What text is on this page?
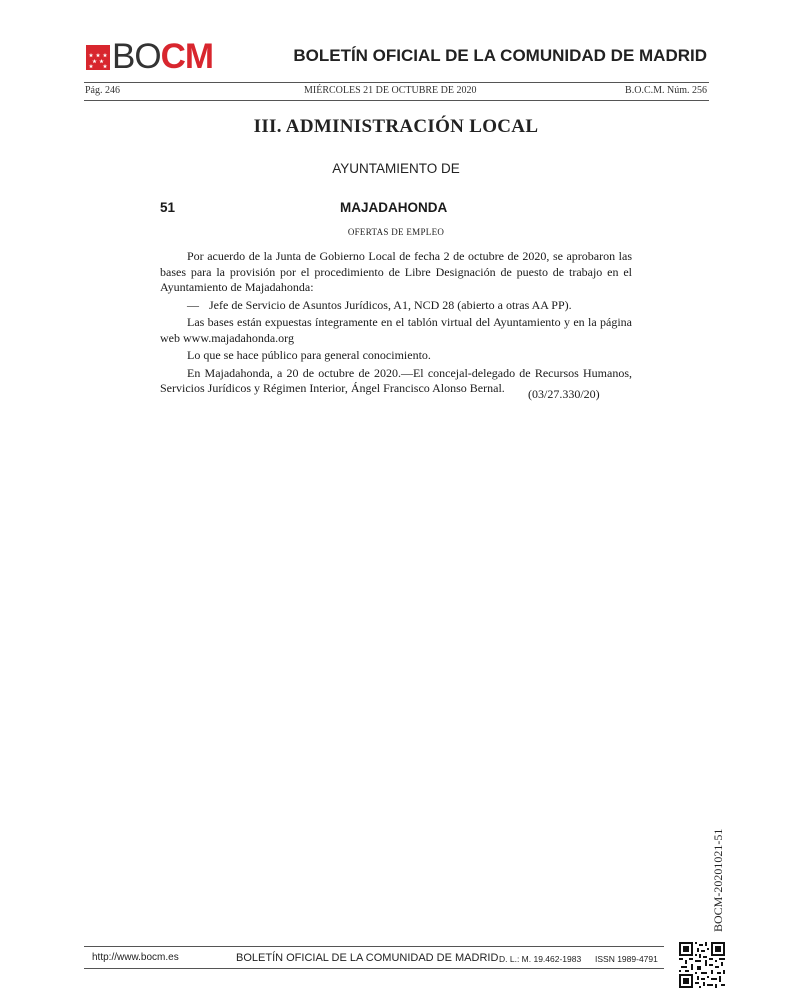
BOCM	BOLETÍN OFICIAL DE LA COMUNIDAD DE MADRID
Pág. 246	MIÉRCOLES 21 DE OCTUBRE DE 2020	B.O.C.M. Núm. 256
III. ADMINISTRACIÓN LOCAL
AYUNTAMIENTO DE
51	MAJADAHONDA
OFERTAS DE EMPLEO

Por acuerdo de la Junta de Gobierno Local de fecha 2 de octubre de 2020, se aprobaron las bases para la provisión por el procedimiento de Libre Designación de puesto de trabajo en el Ayuntamiento de Majadahonda:

— Jefe de Servicio de Asuntos Jurídicos, A1, NCD 28 (abierto a otras AA PP).

Las bases están expuestas íntegramente en el tablón virtual del Ayuntamiento y en la página web www.majadahonda.org

Lo que se hace público para general conocimiento.

En Majadahonda, a 20 de octubre de 2020.—El concejal-delegado de Recursos Humanos, Servicios Jurídicos y Régimen Interior, Ángel Francisco Alonso Bernal.	(03/27.330/20)
BOCM-20201021-51
http://www.bocm.es	BOLETÍN OFICIAL DE LA COMUNIDAD DE MADRID D. L.: M. 19.462-1983 ISSN 1989-4791
